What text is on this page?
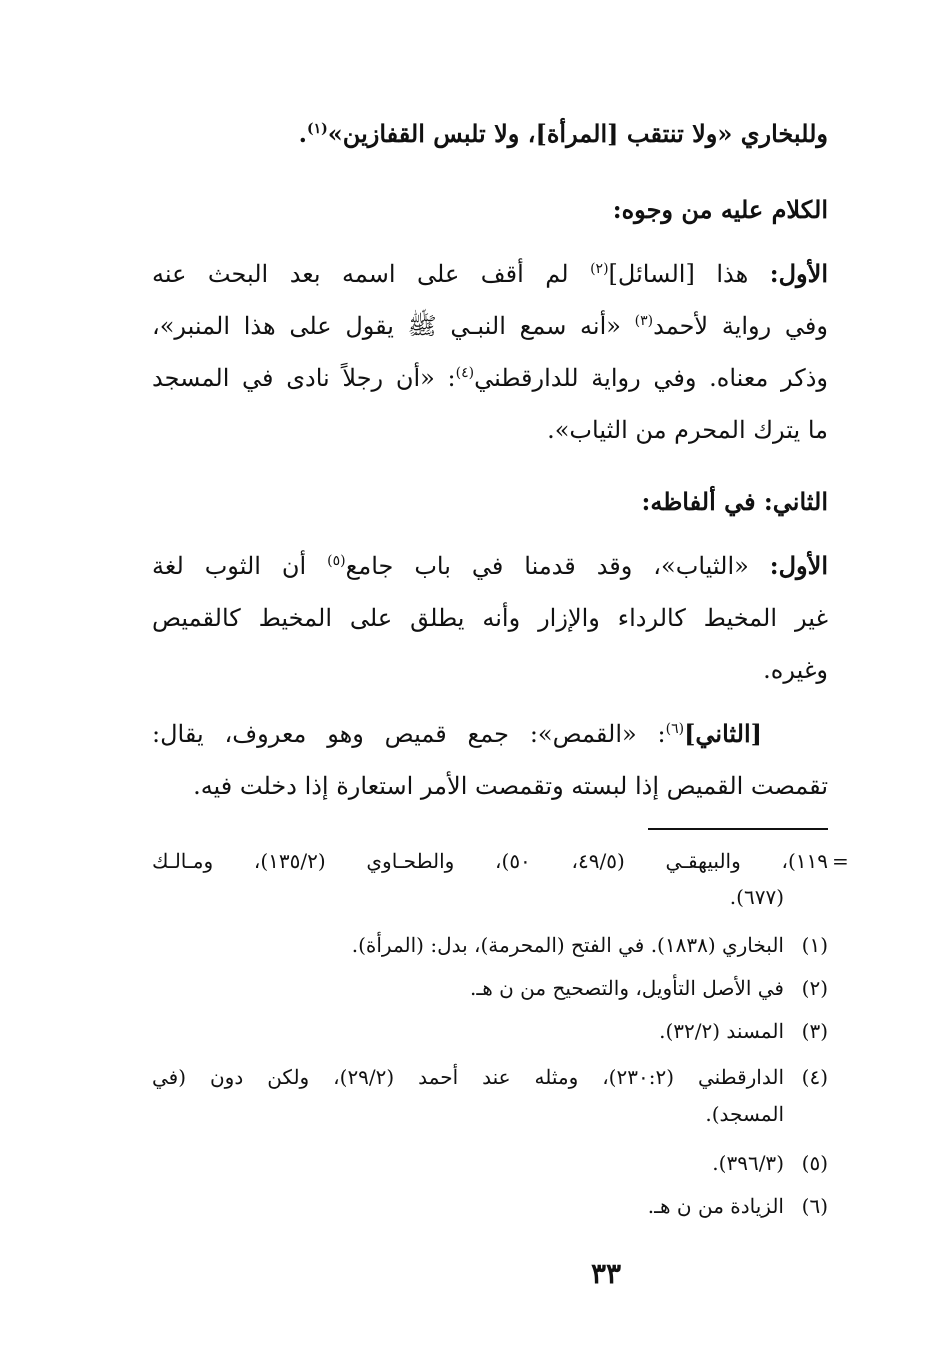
وللبخاري «ولا تنتقب [المرأة]، ولا تلبس القفازين»$^{(١)}$.
الكلام عليه من وجوه:
الأول: هذا [السائل]$^{(٢)}$ لم أقف على اسمه بعد البحث عنه
وفي رواية لأحمد$^{(٣)}$ «أنه سمع النبـي ﷺ يقول على هذا المنبر»،
وذكر معناه. وفي رواية للدارقطني$^{(٤)}$: «أن رجلاً نادى في المسجد
ما يترك المحرم من الثياب».
الثاني: في ألفاظه:
الأول: «الثياب»، وقد قدمنا في باب جامع$^{(٥)}$ أن الثوب لغة
غير المخيط كالرداء والإزار وأنه يطلق على المخيط كالقميص
وغيره.
[الثاني]$^{(٦)}$: «القمص»: جمع قميص وهو معروف، يقال:
تقمصت القميص إذا لبسته وتقمصت الأمر استعارة إذا دخلت فيه.
١١٩)، والبيهقـي (٤٩/٥، ٥٠)، والطحـاوي (١٣٥/٢)، ومـالـك
(٦٧٧).
(١)البخاري (١٨٣٨). في الفتح (المحرمة)، بدل: (المرأة).
(٢)في الأصل التأويل، والتصحيح من ن هـ.
(٣)المسند (٣٢/٢).
(٤)الدارقطني (٢٣٠:٢)، ومثله عند أحمد (٢٩/٢)، ولكن دون (في
المسجد).
(٥)(٣٩٦/٣).
(٦)الزيادة من ن هـ.
=
٣٣
